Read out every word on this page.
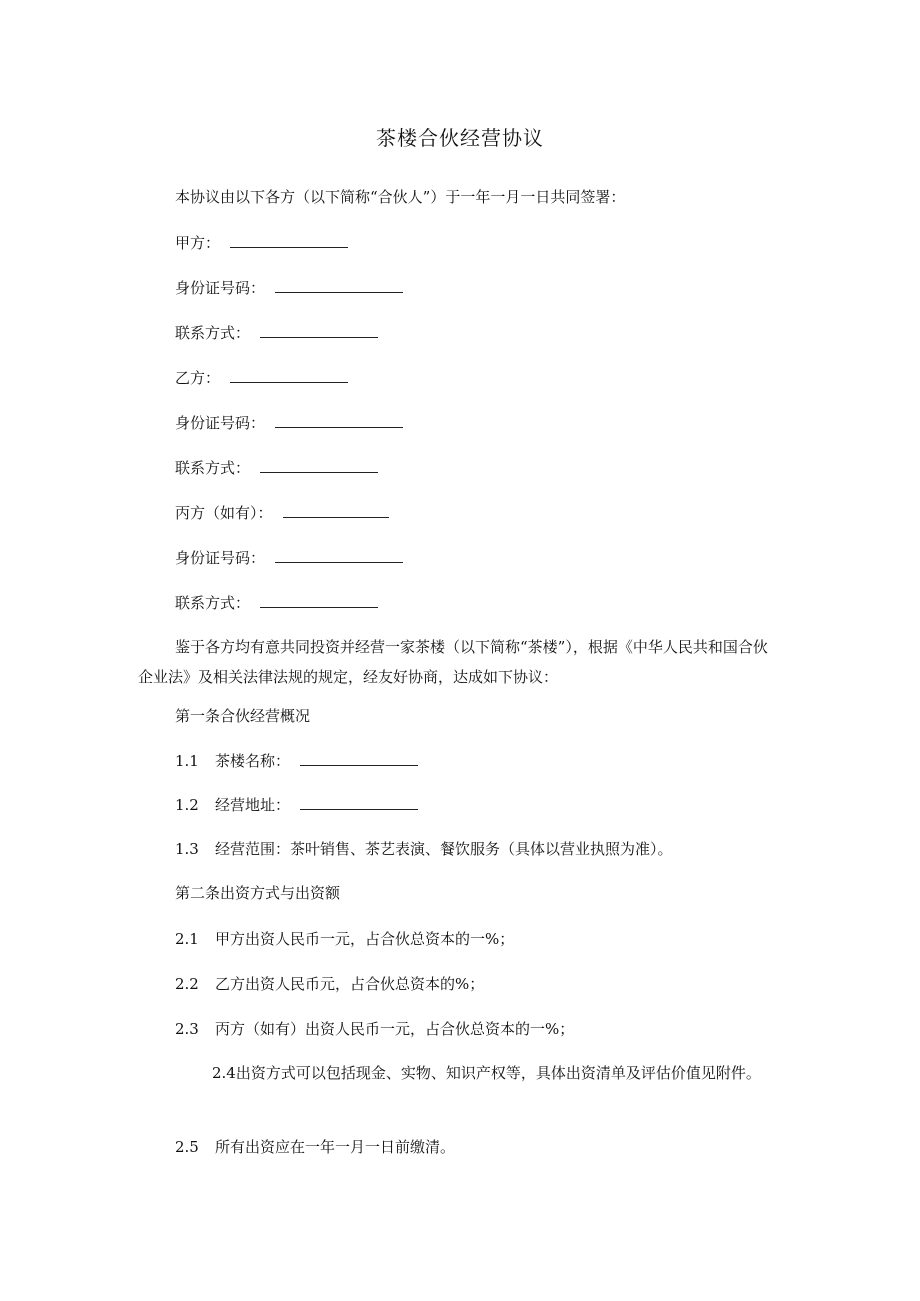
茶楼合伙经营协议
本协议由以下各方（以下简称“合伙人”）于一年一月一日共同签署：
甲方：
身份证号码：
联系方式：
乙方：
身份证号码：
联系方式：
丙方（如有）：
身份证号码：
联系方式：
鉴于各方均有意共同投资并经营一家茶楼（以下简称“茶楼”），根据《中华人民共和国合伙企业法》及相关法律法规的规定，经友好协商，达成如下协议：
第一条合伙经营概况
1.1 茶楼名称：
1.2 经营地址：
1.3 经营范围：茶叶销售、茶艺表演、餐饮服务（具体以营业执照为准）。
第二条出资方式与出资额
2.1 甲方出资人民币一元，占合伙总资本的一%；
2.2 乙方出资人民币元，占合伙总资本的%；
2.3 丙方（如有）出资人民币一元，占合伙总资本的一%；
2.4出资方式可以包括现金、实物、知识产权等，具体出资清单及评估价值见附件。
2.5 所有出资应在一年一月一日前缴清。
